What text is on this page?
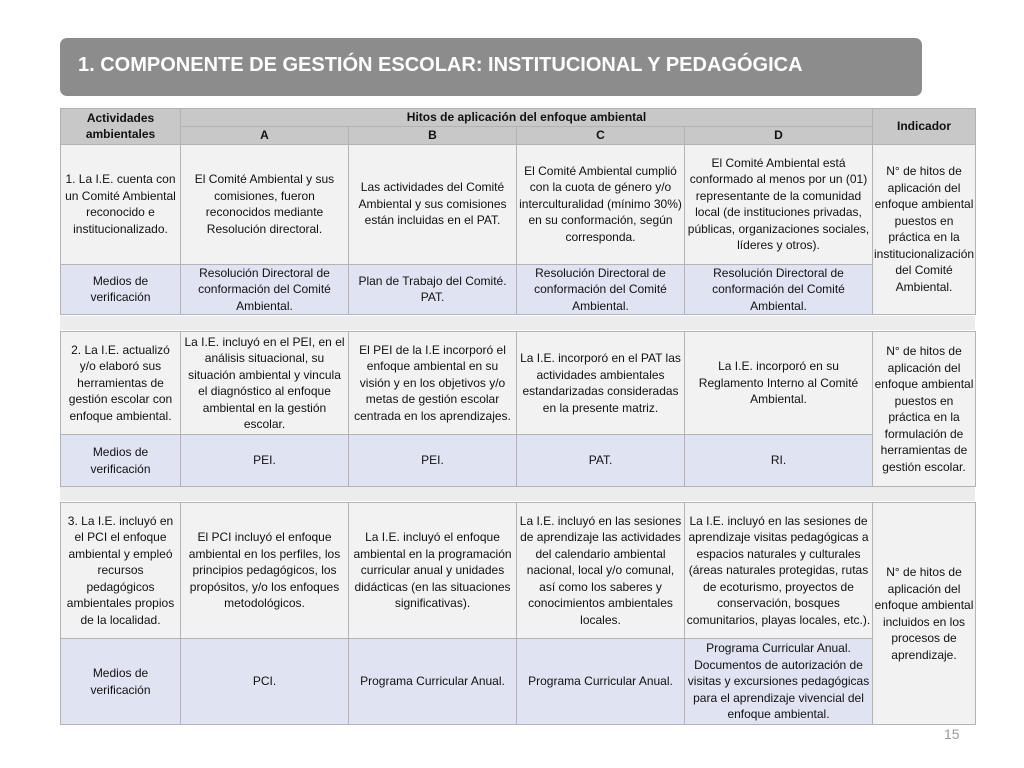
1. COMPONENTE DE GESTIÓN ESCOLAR: INSTITUCIONAL Y PEDAGÓGICA
Actividades ambientales	Hitos de aplicación del enfoque ambiental				Indicador
	A	B	C	D	
1. La I.E. cuenta con un Comité Ambiental reconocido e institucionalizado.	El Comité Ambiental y sus comisiones, fueron reconocidos mediante Resolución directoral.	Las actividades del Comité Ambiental y sus comisiones están incluidas en el PAT.	El Comité Ambiental cumplió con la cuota de género y/o interculturalidad (mínimo 30%) en su conformación, según corresponda.	El Comité Ambiental está conformado al menos por un (01) representante de la comunidad local (de instituciones privadas, públicas, organizaciones sociales, líderes y otros).	N° de hitos de aplicación del enfoque ambiental puestos en práctica en la institucionalización del Comité Ambiental.
Medios de verificación	Resolución Directoral de conformación del Comité Ambiental.	Plan de Trabajo del Comité. PAT.	Resolución Directoral de conformación del Comité Ambiental.	Resolución Directoral de conformación del Comité Ambiental.	
2. La I.E. actualizó y/o elaboró sus herramientas de gestión escolar con enfoque ambiental.	La I.E. incluyó en el PEI, en el análisis situacional, su situación ambiental y vincula el diagnóstico al enfoque ambiental en la gestión escolar.	El PEI de la I.E incorporó el enfoque ambiental en su visión y en los objetivos y/o metas de gestión escolar centrada en los aprendizajes.	La I.E. incorporó en el PAT las actividades ambientales estandarizadas consideradas en la presente matriz.	La I.E. incorporó en su Reglamento Interno al Comité Ambiental.	N° de hitos de aplicación del enfoque ambiental puestos en práctica en la formulación de herramientas de gestión escolar.
Medios de verificación	PEI.	PEI.	PAT.	RI.	
3. La I.E. incluyó en el PCI el enfoque ambiental y empleó recursos pedagógicos ambientales propios de la localidad.	El PCI incluyó el enfoque ambiental en los perfiles, los principios pedagógicos, los propósitos, y/o los enfoques metodológicos.	La I.E. incluyó el enfoque ambiental en la programación curricular anual y unidades didácticas (en las situaciones significativas).	La I.E. incluyó en las sesiones de aprendizaje las actividades del calendario ambiental nacional, local y/o comunal, así como los saberes y conocimientos ambientales locales.	La I.E. incluyó en las sesiones de aprendizaje visitas pedagógicas a espacios naturales y culturales (áreas naturales protegidas, rutas de ecoturismo, proyectos de conservación, bosques comunitarios, playas locales, etc.).	N° de hitos de aplicación del enfoque ambiental incluidos en los procesos de aprendizaje.
Medios de verificación	PCI.	Programa Curricular Anual.	Programa Curricular Anual.	Programa Curricular Anual. Documentos de autorización de visitas y excursiones pedagógicas para el aprendizaje vivencial del enfoque ambiental.	
15
